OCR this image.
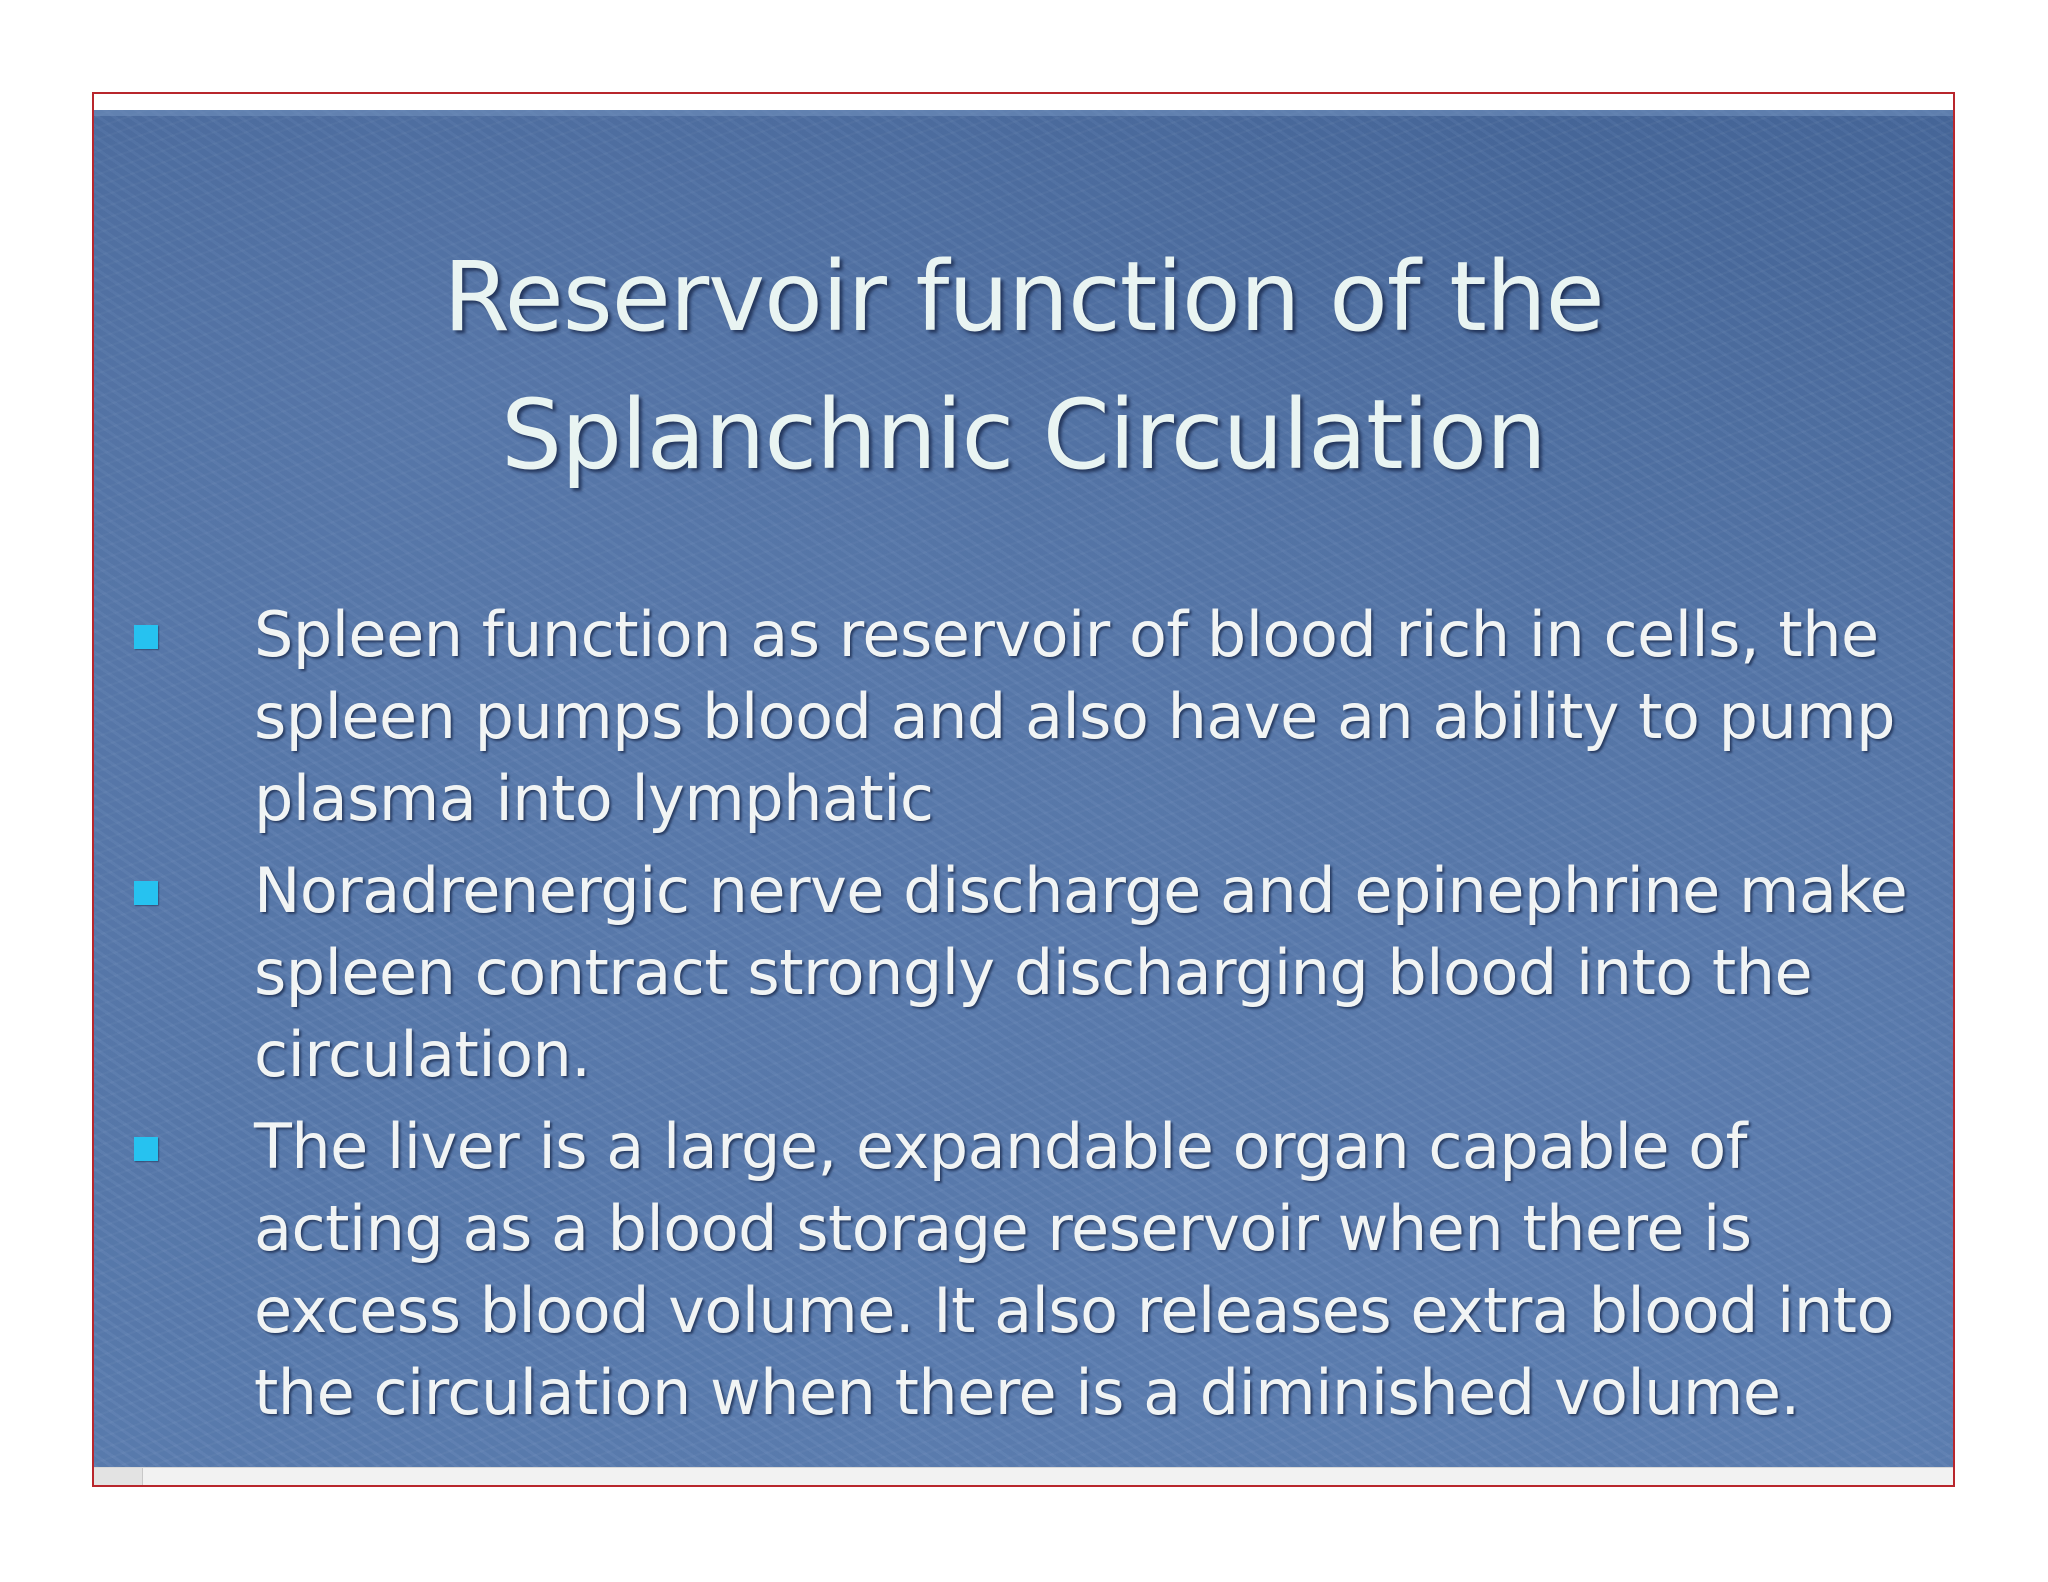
Reservoir function of the
Splanchnic Circulation
Spleen function as reservoir of blood rich in cells, the spleen pumps blood and also have an ability to pump plasma into lymphatic
Noradrenergic nerve discharge and epinephrine make spleen contract strongly discharging blood into the circulation.
The liver is a large, expandable organ capable of acting as a blood storage reservoir when there is excess blood volume. It also releases extra blood into the circulation when there is a diminished volume.
